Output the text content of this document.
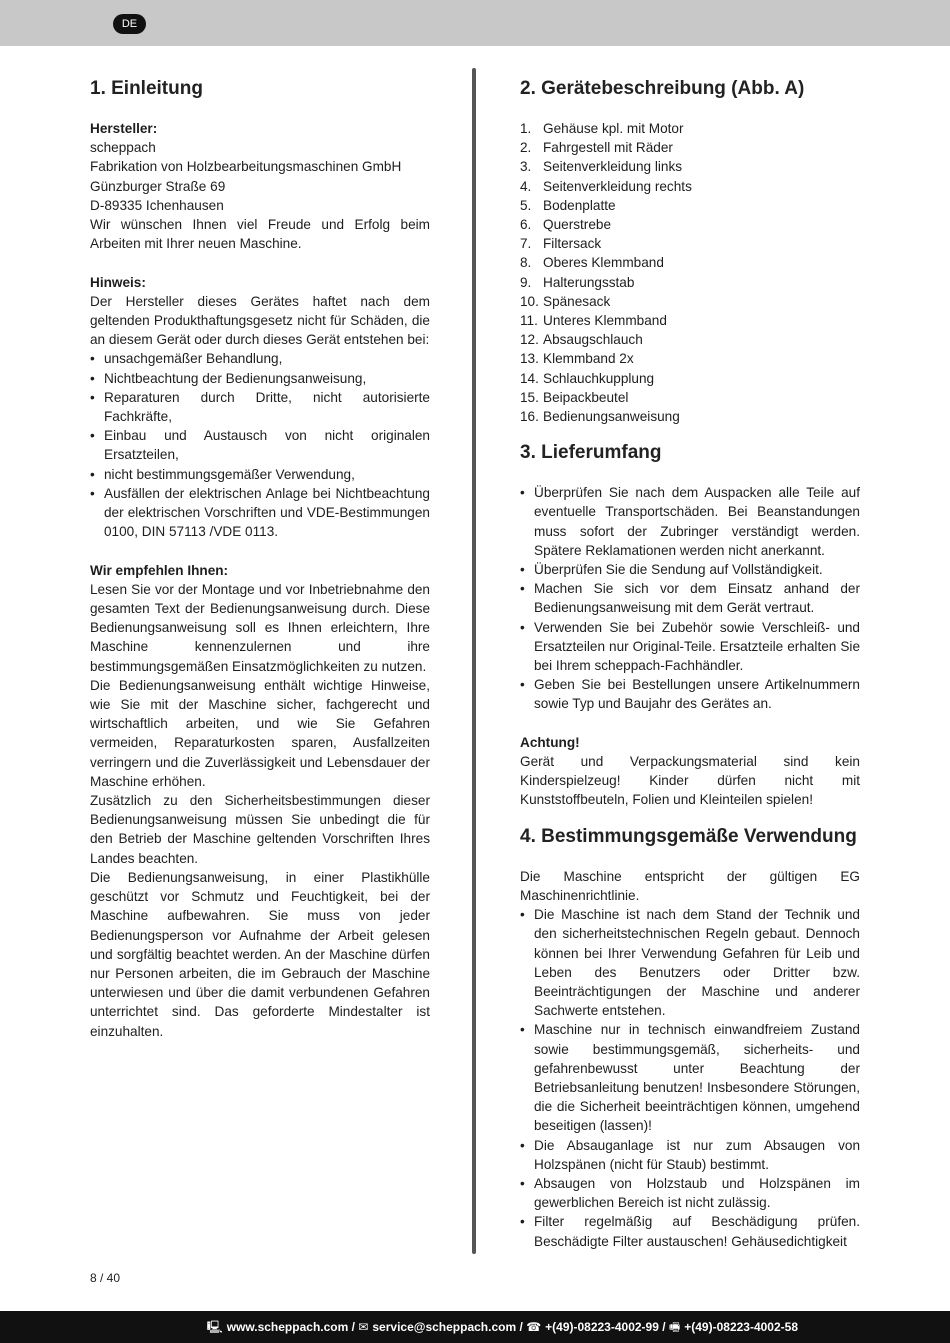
DE
1. Einleitung

Hersteller:

scheppach

Fabrikation von Holzbearbeitungsmaschinen GmbH

Günzburger Straße 69

D-89335 Ichenhausen

Wir wünschen Ihnen viel Freude und Erfolg beim Arbeiten mit Ihrer neuen Maschine.

Hinweis:

Der Hersteller dieses Gerätes haftet nach dem geltenden Produkthaftungsgesetz nicht für Schäden, die an diesem Gerät oder durch dieses Gerät entstehen bei:

• unsachgemäßer Behandlung,
• Nichtbeachtung der Bedienungsanweisung,
• Reparaturen durch Dritte, nicht autorisierte Fachkräfte,
• Einbau und Austausch von nicht originalen Ersatzteilen,
• nicht bestimmungsgemäßer Verwendung,
• Ausfällen der elektrischen Anlage bei Nichtbeachtung der elektrischen Vorschriften und VDE-Bestimmungen 0100, DIN 57113 /VDE 0113.

Wir empfehlen Ihnen:

Lesen Sie vor der Montage und vor Inbetriebnahme den gesamten Text der Bedienungsanweisung durch. Diese Bedienungsanweisung soll es Ihnen erleichtern, Ihre Maschine kennenzulernen und ihre bestimmungsgemäßen Einsatzmöglichkeiten zu nutzen.

Die Bedienungsanweisung enthält wichtige Hinweise, wie Sie mit der Maschine sicher, fachgerecht und wirtschaftlich arbeiten, und wie Sie Gefahren vermeiden, Reparaturkosten sparen, Ausfallzeiten verringern und die Zuverlässigkeit und Lebensdauer der Maschine erhöhen.

Zusätzlich zu den Sicherheitsbestimmungen dieser Bedienungsanweisung müssen Sie unbedingt die für den Betrieb der Maschine geltenden Vorschriften Ihres Landes beachten.

Die Bedienungsanweisung, in einer Plastikhülle geschützt vor Schmutz und Feuchtigkeit, bei der Maschine aufbewahren. Sie muss von jeder Bedienungsperson vor Aufnahme der Arbeit gelesen und sorgfältig beachtet werden. An der Maschine dürfen nur Personen arbeiten, die im Gebrauch der Maschine unterwiesen und über die damit verbundenen Gefahren unterrichtet sind. Das geforderte Mindestalter ist einzuhalten.

2. Gerätebeschreibung (Abb. A)
1. Gehäuse kpl. mit Motor
2. Fahrgestell mit Räder
3. Seitenverkleidung links
4. Seitenverkleidung rechts
5. Bodenplatte
6. Querstrebe
7. Filtersack
8. Oberes Klemmband
9. Halterungsstab
10. Spänesack
11. Unteres Klemmband
12. Absaugschlauch
13. Klemmband 2x
14. Schlauchkupplung
15. Beipackbeutel
16. Bedienungsanweisung
3. Lieferumfang
• Überprüfen Sie nach dem Auspacken alle Teile auf eventuelle Transportschäden. Bei Beanstandungen muss sofort der Zubringer verständigt werden. Spätere Reklamationen werden nicht anerkannt.
• Überprüfen Sie die Sendung auf Vollständigkeit.
• Machen Sie sich vor dem Einsatz anhand der Bedienungsanweisung mit dem Gerät vertraut.
• Verwenden Sie bei Zubehör sowie Verschleiß- und Ersatzteilen nur Original-Teile. Ersatzteile erhalten Sie bei Ihrem scheppach-Fachhändler.
• Geben Sie bei Bestellungen unsere Artikelnummern sowie Typ und Baujahr des Gerätes an.

Achtung!

Gerät und Verpackungsmaterial sind kein Kinderspielzeug! Kinder dürfen nicht mit Kunststoffbeuteln, Folien und Kleinteilen spielen!

4. Bestimmungsgemäße Verwendung

Die Maschine entspricht der gültigen EG Maschinenrichtlinie.

• Die Maschine ist nach dem Stand der Technik und den sicherheitstechnischen Regeln gebaut. Dennoch können bei Ihrer Verwendung Gefahren für Leib und Leben des Benutzers oder Dritter bzw. Beeinträchtigungen der Maschine und anderer Sachwerte entstehen.
• Maschine nur in technisch einwandfreiem Zustand sowie bestimmungsgemäß, sicherheits- und gefahrenbewusst unter Beachtung der Betriebsanleitung benutzen! Insbesondere Störungen, die die Sicherheit beeinträchtigen können, umgehend beseitigen (lassen)!
• Die Absauganlage ist nur zum Absaugen von Holzspänen (nicht für Staub) bestimmt.
• Absaugen von Holzstaub und Holzspänen im gewerblichen Bereich ist nicht zulässig.
• Filter regelmäßig auf Beschädigung prüfen. Beschädigte Filter austauschen! Gehäusedichtigkeit
8 / 40
🖳 www.scheppach.com / ✉ service@scheppach.com / ☎ +(49)-08223-4002-99 / 🖷 +(49)-08223-4002-58
